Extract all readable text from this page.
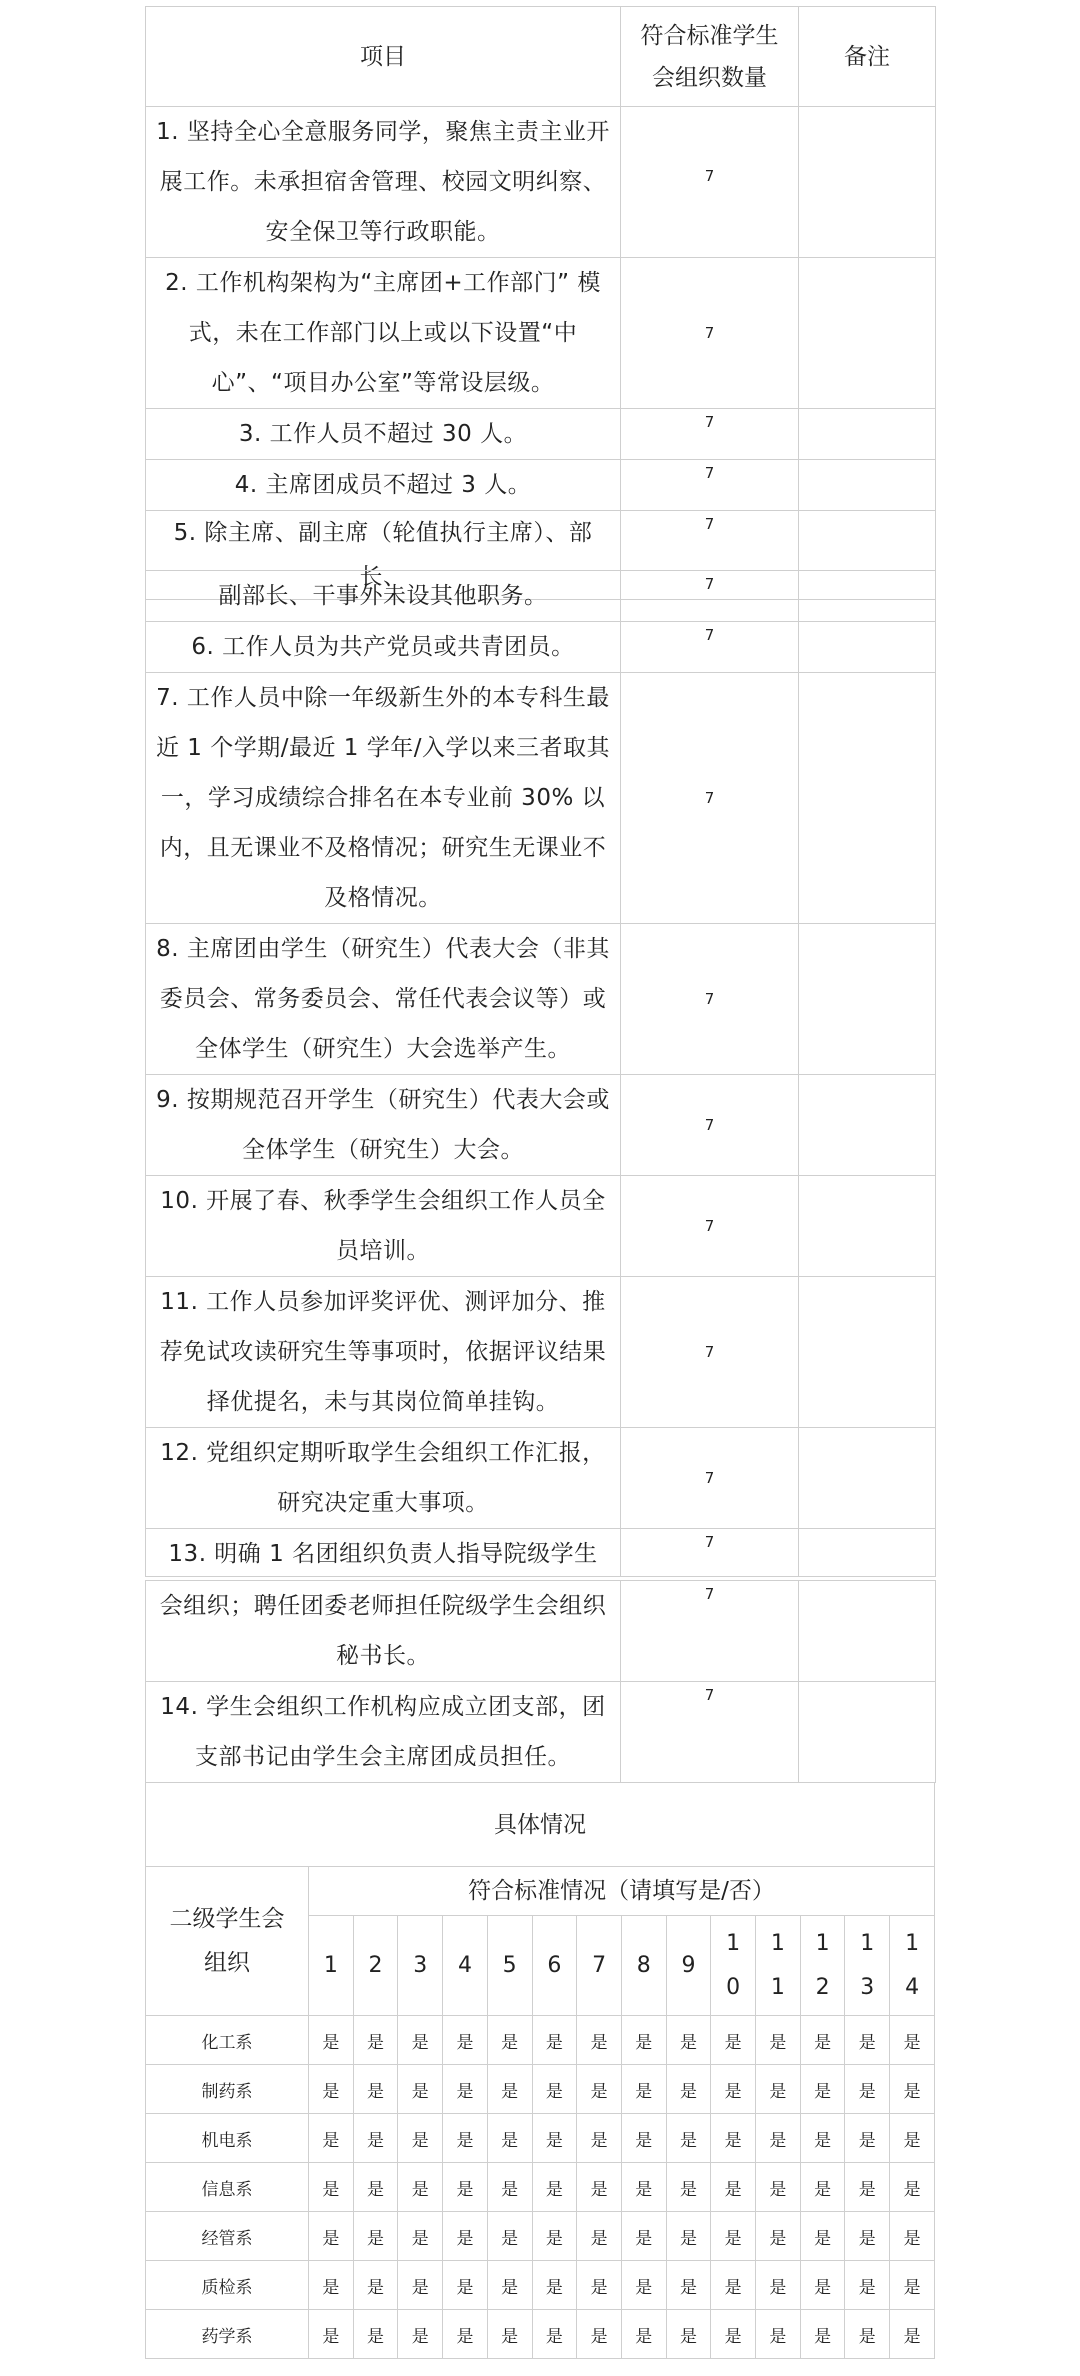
项目	符合标准学生会组织数量	备注
1. 坚持全心全意服务同学，聚焦主责主业开展工作。未承担宿舍管理、校园文明纠察、安全保卫等行政职能。	7	
2. 工作机构架构为“主席团+工作部门” 模式，未在工作部门以上或以下设置“中心”、“项目办公室”等常设层级。	7	
3. 工作人员不超过 30 人。	7	
4. 主席团成员不超过 3 人。	7	
5. 除主席、副主席（轮值执行主席）、部长、	7	
副部长、干事外未设其他职务。	7	
6. 工作人员为共产党员或共青团员。	7	
7. 工作人员中除一年级新生外的本专科生最近 1 个学期/最近 1 学年/入学以来三者取其一，学习成绩综合排名在本专业前 30% 以内，且无课业不及格情况；研究生无课业不及格情况。	7	
8. 主席团由学生（研究生）代表大会（非其委员会、常务委员会、常任代表会议等）或全体学生（研究生）大会选举产生。	7	
9. 按期规范召开学生（研究生）代表大会或全体学生（研究生）大会。	7	
10. 开展了春、秋季学生会组织工作人员全员培训。	7	
11. 工作人员参加评奖评优、测评加分、推荐免试攻读研究生等事项时，依据评议结果择优提名，未与其岗位简单挂钩。	7	
12. 党组织定期听取学生会组织工作汇报，研究决定重大事项。	7	
13. 明确 1 名团组织负责人指导院级学生	7	
会组织；聘任团委老师担任院级学生会组织秘书长。	7	
14. 学生会组织工作机构应成立团支部，团支部书记由学生会主席团成员担任。	7	
具体情况														
二级学生会组织	符合标准情况（请填写是/否）													
	1	2	3	4	5	6	7	8	9	10	11	12	13	14
化工系	是	是	是	是	是	是	是	是	是	是	是	是	是	是
制药系	是	是	是	是	是	是	是	是	是	是	是	是	是	是
机电系	是	是	是	是	是	是	是	是	是	是	是	是	是	是
信息系	是	是	是	是	是	是	是	是	是	是	是	是	是	是
经管系	是	是	是	是	是	是	是	是	是	是	是	是	是	是
质检系	是	是	是	是	是	是	是	是	是	是	是	是	是	是
药学系	是	是	是	是	是	是	是	是	是	是	是	是	是	是
